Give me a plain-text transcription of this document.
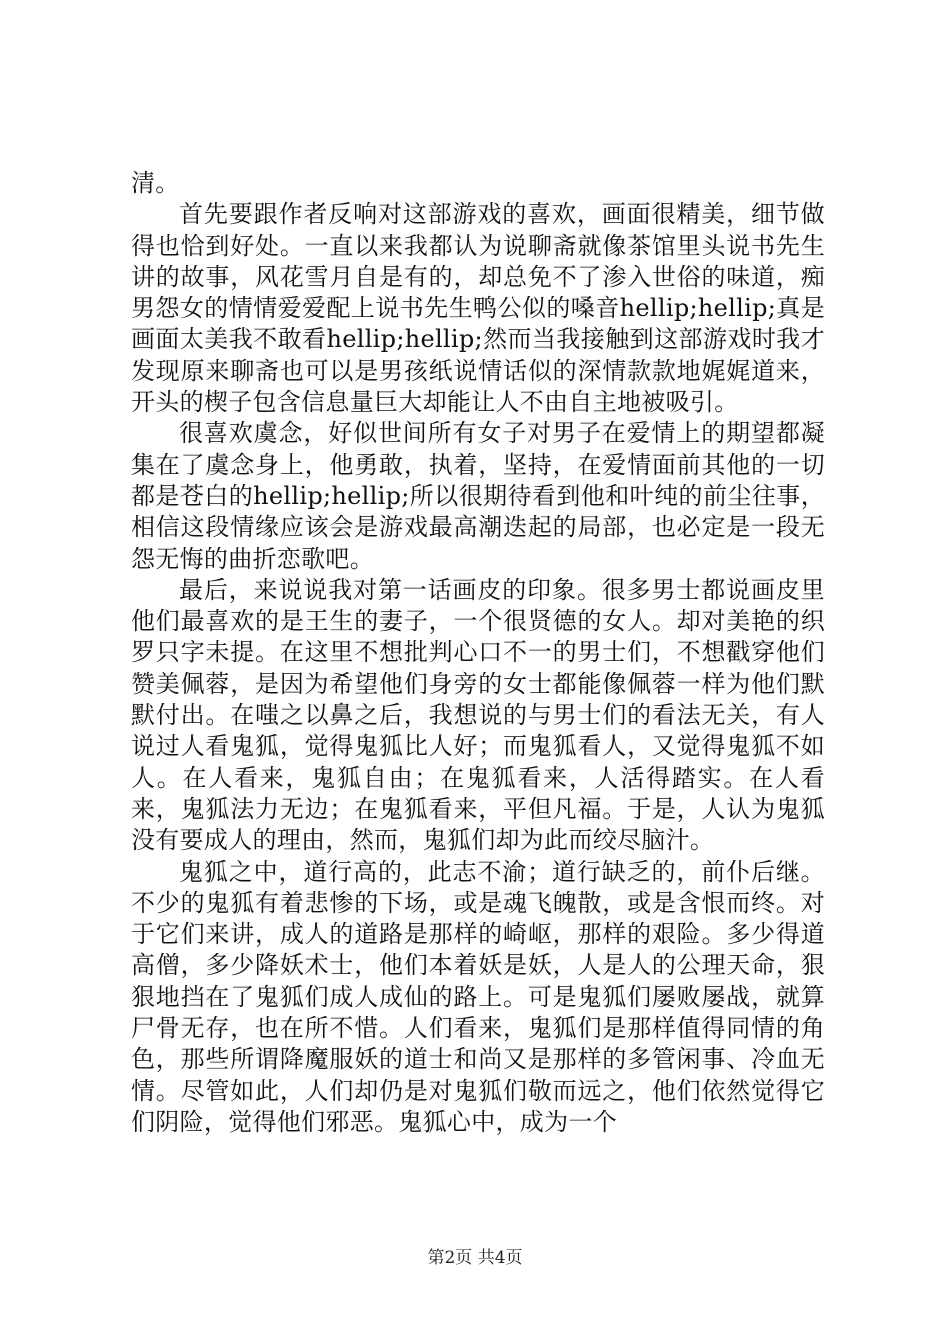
清。

首先要跟作者反响对这部游戏的喜欢，画面很精美，细节做得也恰到好处。一直以来我都认为说聊斋就像茶馆里头说书先生讲的故事，风花雪月自是有的，却总免不了渗入世俗的味道，痴男怨女的情情爱爱配上说书先生鸭公似的嗓音hellip;hellip;真是画面太美我不敢看hellip;hellip;然而当我接触到这部游戏时我才发现原来聊斋也可以是男孩纸说情话似的深情款款地娓娓道来，开头的楔子包含信息量巨大却能让人不由自主地被吸引。

很喜欢虞念，好似世间所有女子对男子在爱情上的期望都凝集在了虞念身上，他勇敢，执着，坚持，在爱情面前其他的一切都是苍白的hellip;hellip;所以很期待看到他和叶纯的前尘往事，相信这段情缘应该会是游戏最高潮迭起的局部，也必定是一段无怨无悔的曲折恋歌吧。

最后，来说说我对第一话画皮的印象。很多男士都说画皮里他们最喜欢的是王生的妻子，一个很贤德的女人。却对美艳的织罗只字未提。在这里不想批判心口不一的男士们，不想戳穿他们赞美佩蓉，是因为希望他们身旁的女士都能像佩蓉一样为他们默默付出。在嗤之以鼻之后，我想说的与男士们的看法无关，有人说过人看鬼狐，觉得鬼狐比人好；而鬼狐看人，又觉得鬼狐不如人。在人看来，鬼狐自由；在鬼狐看来，人活得踏实。在人看来，鬼狐法力无边；在鬼狐看来，平但凡福。于是，人认为鬼狐没有要成人的理由，然而，鬼狐们却为此而绞尽脑汁。

鬼狐之中，道行高的，此志不渝；道行缺乏的，前仆后继。不少的鬼狐有着悲惨的下场，或是魂飞魄散，或是含恨而终。对于它们来讲，成人的道路是那样的崎岖，那样的艰险。多少得道高僧，多少降妖术士，他们本着妖是妖，人是人的公理天命，狠狠地挡在了鬼狐们成人成仙的路上。可是鬼狐们屡败屡战，就算尸骨无存，也在所不惜。人们看来，鬼狐们是那样值得同情的角色，那些所谓降魔服妖的道士和尚又是那样的多管闲事、冷血无情。尽管如此，人们却仍是对鬼狐们敬而远之，他们依然觉得它们阴险，觉得他们邪恶。鬼狐心中，成为一个

第2页 共4页
